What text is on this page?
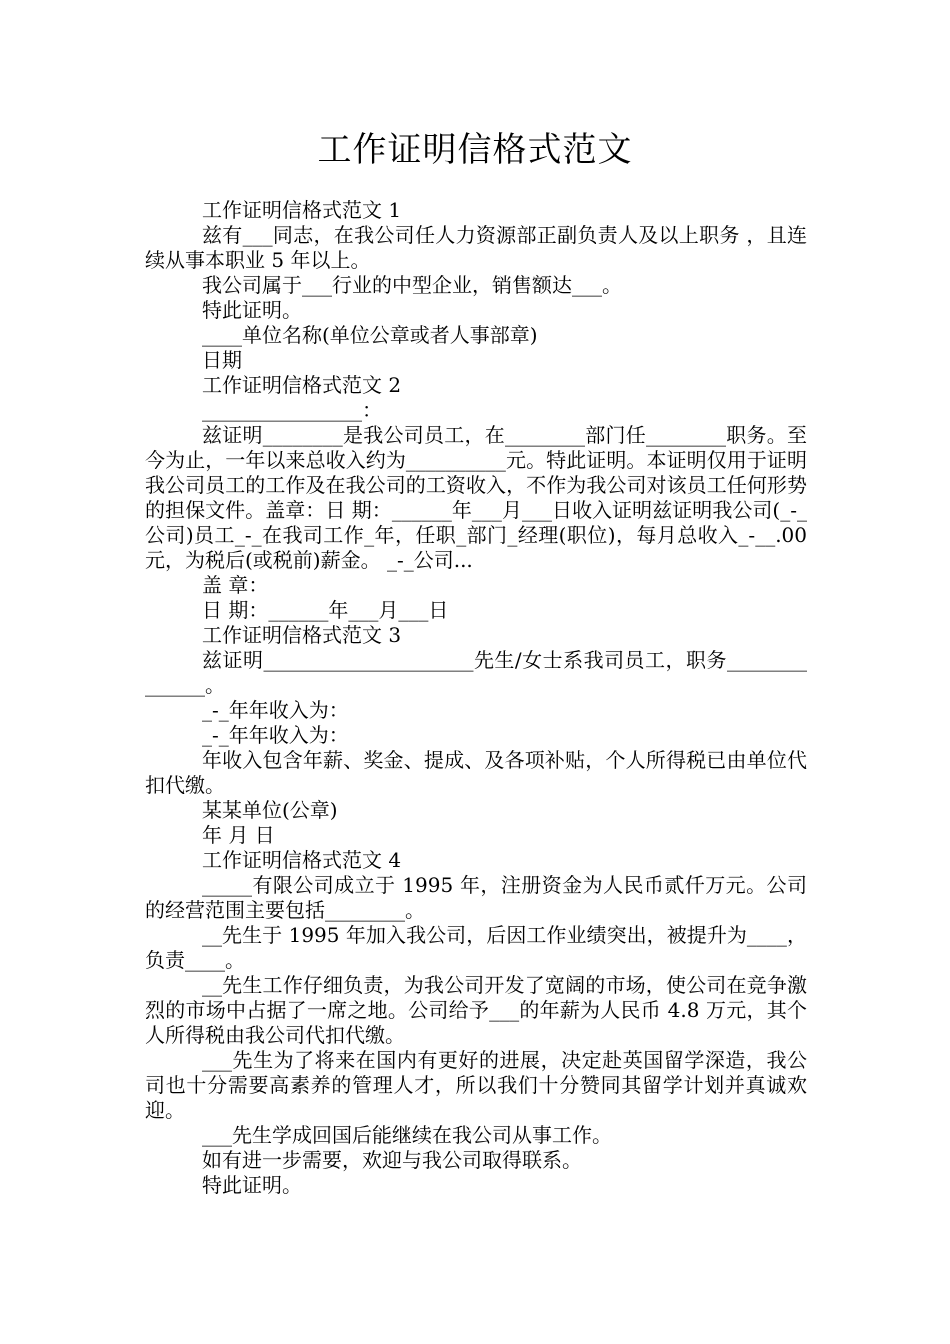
工作证明信格式范文

工作证明信格式范文 1

兹有___同志，在我公司任人力资源部正副负责人及以上职务 ，且连续从事本职业 5 年以上。

我公司属于___行业的中型企业，销售额达___。

特此证明。

____单位名称(单位公章或者人事部章)

日期

工作证明信格式范文 2

________________：

兹证明________是我公司员工，在________部门任________职务。至今为止，一年以来总收入约为__________元。特此证明。本证明仅用于证明我公司员工的工作及在我公司的工资收入，不作为我公司对该员工任何形势的担保文件。盖章：日 期：______年___月___日收入证明兹证明我公司(_-_公司)员工_-_在我司工作_年，任职_部门_经理(职位)，每月总收入_-__.00 元，为税后(或税前)薪金。 _-_公司...

盖 章：

日 期：______年___月___日

工作证明信格式范文 3

兹证明_____________________先生/女士系我司员工，职务______________。

_-_年年收入为：

_-_年年收入为：

年收入包含年薪、奖金、提成、及各项补贴，个人所得税已由单位代扣代缴。

某某单位(公章)

年 月 日

工作证明信格式范文 4

_____有限公司成立于 1995 年，注册资金为人民币贰仟万元。公司的经营范围主要包括________。

__先生于 1995 年加入我公司，后因工作业绩突出，被提升为____，负责____。

__先生工作仔细负责，为我公司开发了宽阔的市场，使公司在竞争激烈的市场中占据了一席之地。公司给予___的年薪为人民币 4.8 万元，其个人所得税由我公司代扣代缴。

___先生为了将来在国内有更好的进展，决定赴英国留学深造，我公司也十分需要高素养的管理人才，所以我们十分赞同其留学计划并真诚欢迎。

___先生学成回国后能继续在我公司从事工作。

如有进一步需要，欢迎与我公司取得联系。

特此证明。
